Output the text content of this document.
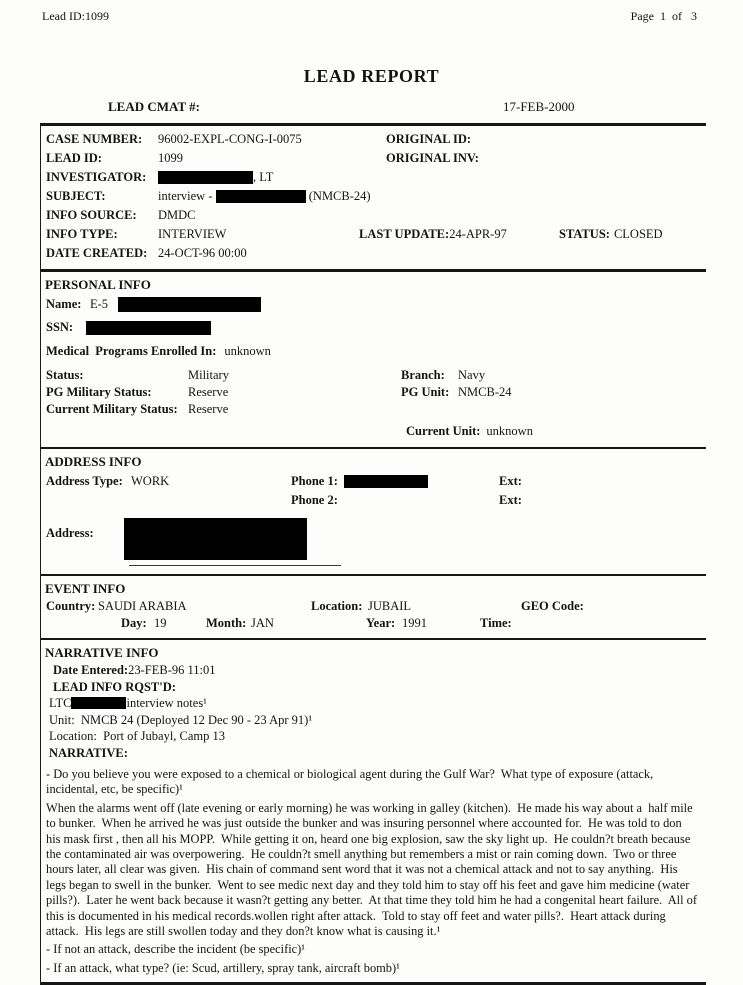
Lead ID:1099	Page  1  of   3
LEAD REPORT
LEAD CMAT #:	17-FEB-2000
CASE NUMBER:	96002-EXPL-CONG-I-0075	ORIGINAL ID:
LEAD ID:	1099	ORIGINAL INV:
INVESTIGATOR:	, LT
SUBJECT:	interview -	(NMCB-24)
INFO SOURCE:	DMDC
INFO TYPE:	INTERVIEW	LAST UPDATE:24-APR-97	STATUS: CLOSED
DATE CREATED: 24-OCT-96 00:00
PERSONAL INFO
Name: E-5
SSN:
Medical  Programs Enrolled In: unknown
Status:	Military	Branch:	Navy
PG Military Status:	Reserve	PG Unit: NMCB-24
Current Military Status: Reserve
Current Unit: unknown
ADDRESS INFO
Address Type: WORK	Phone 1:	Ext:
Phone 2:	Ext:
Address:
EVENT INFO
Country: SAUDI ARABIA	Location: JUBAIL	GEO Code:
Day: 19	Month: JAN	Year: 1991	Time:
NARRATIVE INFO
Date Entered: 23-FEB-96 11:01
LEAD INFO RQST'D:
LTC	interview notes¹
Unit:  NMCB 24 (Deployed 12 Dec 90 - 23 Apr 91)¹
Location:  Port of Jubayl, Camp 13
NARRATIVE:

- Do you believe you were exposed to a chemical or biological agent during the Gulf War?  What type of exposure (attack, incidental, etc, be specific)¹

When the alarms went off (late evening or early morning) he was working in galley (kitchen).  He made his way about a  half mile to bunker.  When he arrived he was just outside the bunker and was insuring personnel where accounted for.  He was told to don his mask first , then all his MOPP.  While getting it on, heard one big explosion, saw the sky light up.  He couldn?t breath because the contaminated air was overpowering.  He couldn?t smell anything but remembers a mist or rain coming down.  Two or three hours later, all clear was given.  His chain of command sent word that it was not a chemical attack and not to say anything.  His legs began to swell in the bunker.  Went to see medic next day and they told him to stay off his feet and gave him medicine (water pills?).  Later he went back because it wasn?t getting any better.  At that time they told him he had a congenital heart failure.  All of this is documented in his medical records.wollen right after attack.  Told to stay off feet and water pills?.  Heart attack during attack.  His legs are still swollen today and they don?t know what is causing it.¹

- If not an attack, describe the incident (be specific)¹

- If an attack, what type? (ie: Scud, artillery, spray tank, aircraft bomb)¹
